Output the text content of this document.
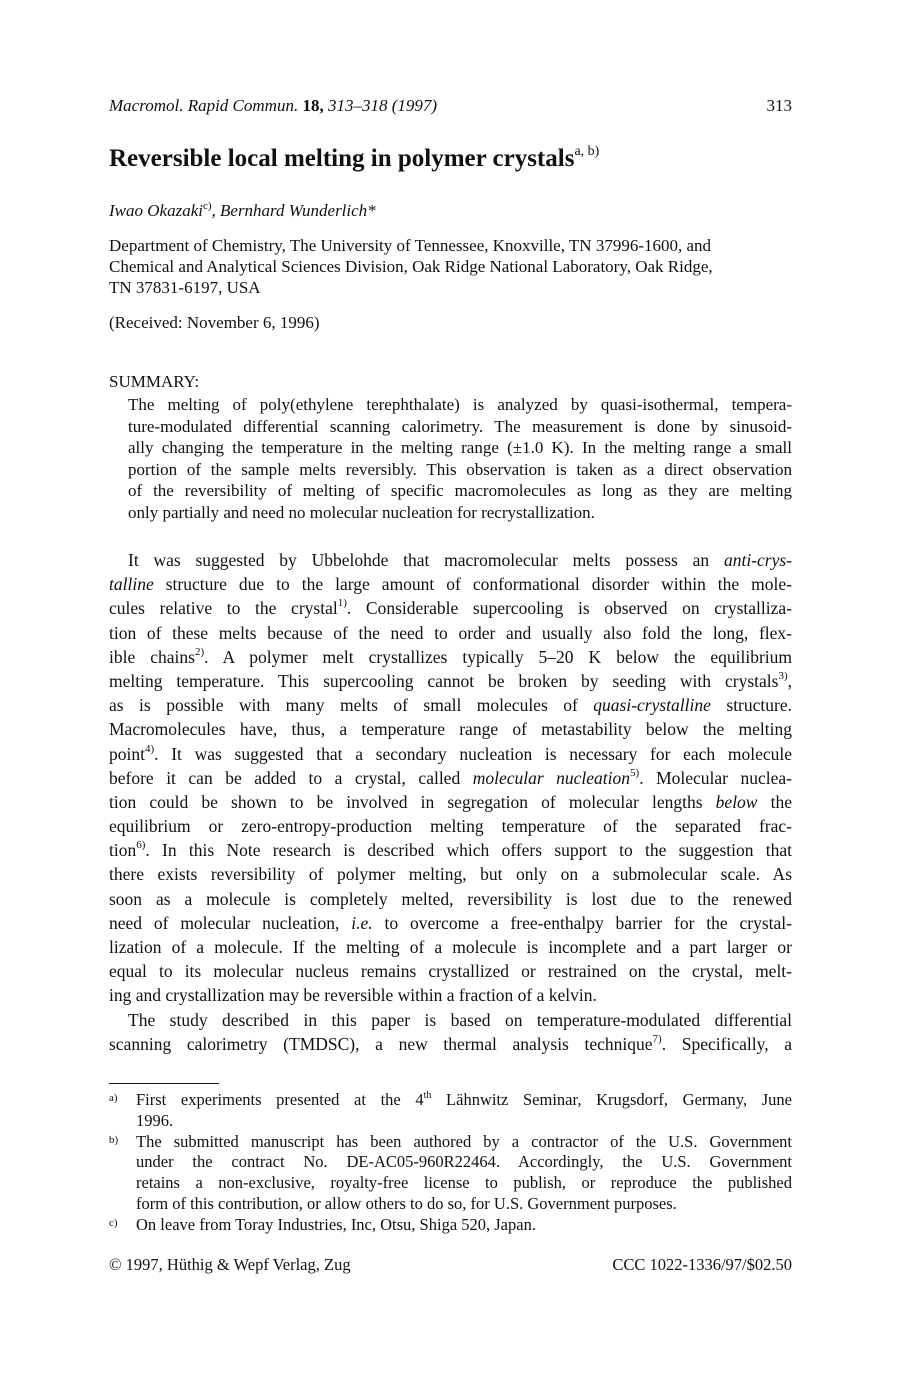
Macromol. Rapid Commun. 18, 313–318 (1997)	313
Reversible local melting in polymer crystals$^{a, b)}$
Iwao Okazaki$^{c)}$, Bernhard Wunderlich*
Department of Chemistry, The University of Tennessee, Knoxville, TN 37996-1600, and
Chemical and Analytical Sciences Division, Oak Ridge National Laboratory, Oak Ridge,
TN 37831-6197, USA
(Received: November 6, 1996)
SUMMARY:
The melting of poly(ethylene terephthalate) is analyzed by quasi-isothermal, tempera-
ture-modulated differential scanning calorimetry. The measurement is done by sinusoid-
ally changing the temperature in the melting range (±1.0 K). In the melting range a small
portion of the sample melts reversibly. This observation is taken as a direct observation
of the reversibility of melting of specific macromolecules as long as they are melting
only partially and need no molecular nucleation for recrystallization.
It was suggested by Ubbelohde that macromolecular melts possess an anti-crys-
talline structure due to the large amount of conformational disorder within the mole-
cules relative to the crystal$^{1)}$. Considerable supercooling is observed on crystalliza-
tion of these melts because of the need to order and usually also fold the long, flex-
ible chains$^{2)}$. A polymer melt crystallizes typically 5–20 K below the equilibrium
melting temperature. This supercooling cannot be broken by seeding with crystals$^{3)}$,
as is possible with many melts of small molecules of quasi-crystalline structure.
Macromolecules have, thus, a temperature range of metastability below the melting
point$^{4)}$. It was suggested that a secondary nucleation is necessary for each molecule
before it can be added to a crystal, called molecular nucleation$^{5)}$. Molecular nuclea-
tion could be shown to be involved in segregation of molecular lengths below the
equilibrium or zero-entropy-production melting temperature of the separated frac-
tion$^{6)}$. In this Note research is described which offers support to the suggestion that
there exists reversibility of polymer melting, but only on a submolecular scale. As
soon as a molecule is completely melted, reversibility is lost due to the renewed
need of molecular nucleation, i.e. to overcome a free-enthalpy barrier for the crystal-
lization of a molecule. If the melting of a molecule is incomplete and a part larger or
equal to its molecular nucleus remains crystallized or restrained on the crystal, melt-
ing and crystallization may be reversible within a fraction of a kelvin.
The study described in this paper is based on temperature-modulated differential
scanning calorimetry (TMDSC), a new thermal analysis technique$^{7)}$. Specifically, a
a) First experiments presented at the 4th Lähnwitz Seminar, Krugsdorf, Germany, June
1996.
b) The submitted manuscript has been authored by a contractor of the U.S. Government
under the contract No. DE-AC05-960R22464. Accordingly, the U.S. Government
retains a non-exclusive, royalty-free license to publish, or reproduce the published
form of this contribution, or allow others to do so, for U.S. Government purposes.
c) On leave from Toray Industries, Inc, Otsu, Shiga 520, Japan.
© 1997, Hüthig & Wepf Verlag, Zug	CCC 1022-1336/97/$02.50
